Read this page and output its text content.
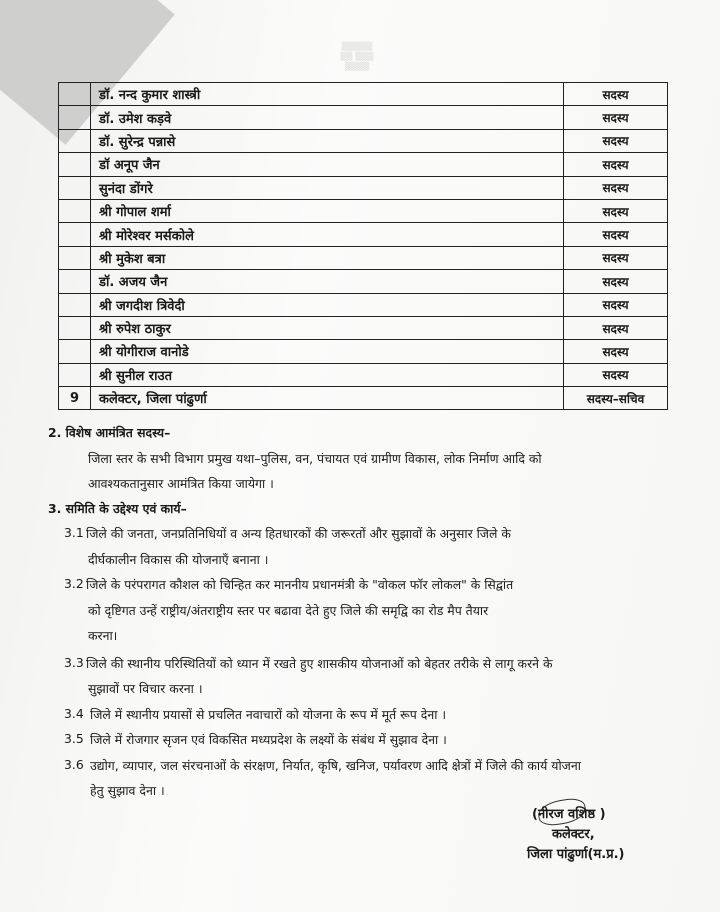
▒▒▒▒▒
▒▒ ▒▒▒
▒▒▒▒
	डॉ. नन्द कुमार शास्त्री	सदस्य
	डॉ. उमेश कड़वे	सदस्य
	डॉ. सुरेन्द्र पन्नासे	सदस्य
	डॉ अनूप जैन	सदस्य
	सुनंदा डोंगरे	सदस्य
	श्री गोपाल शर्मा	सदस्य
	श्री मोरेश्वर मर्सकोले	सदस्य
	श्री मुकेश बत्रा	सदस्य
	डॉ. अजय जैन	सदस्य
	श्री जगदीश त्रिवेदी	सदस्य
	श्री रुपेश ठाकुर	सदस्य
	श्री योगीराज वानोडे	सदस्य
	श्री सुनील राउत	सदस्य
9	कलेक्टर, जिला पांढुर्णा	सदस्य–सचिव
2. विशेष आमंत्रित सदस्य–
जिला स्तर के सभी विभाग प्रमुख यथा–पुलिस, वन, पंचायत एवं ग्रामीण विकास, लोक निर्माण आदि को
आवश्यकतानुसार आमंत्रित किया जायेगा ।
3. समिति के उद्देश्य एवं कार्य–
3.1 जिले की जनता, जनप्रतिनिधियों व अन्य हितधारकों की जरूरतों और सुझावों के अनुसार जिले के
दीर्घकालीन विकास की योजनाएँ बनाना ।
3.2 जिले के परंपरागत कौशल को चिन्हित कर माननीय प्रधानमंत्री के "वोकल फॉर लोकल" के सिद्वांत
को दृष्टिगत उन्हें राष्ट्रीय/अंतराष्ट्रीय स्तर पर बढावा देते हुए जिले की समृद्वि का रोड मैप तैयार
करना।
3.3 जिले की स्थानीय परिस्थितियों को ध्यान में रखते हुए शासकीय योजनाओं को बेहतर तरीके से लागू करने के
सुझावों पर विचार करना ।
3.4 जिले में स्थानीय प्रयासों से प्रचलित नवाचारों को योजना के रूप में मूर्त रूप देना ।
3.5 जिले में रोजगार सृजन एवं विकसित मध्यप्रदेश के लक्ष्यों के संबंध में सुझाव देना ।
3.6 उद्योग, व्यापार, जल संरचनाओं के संरक्षण, निर्यात, कृषि, खनिज, पर्यावरण आदि क्षेत्रों में जिले की कार्य योजना
हेतु सुझाव देना ।
(नीरज वशिष्ठ )
कलेक्टर,
जिला पांढुर्णा(म.प्र.)
